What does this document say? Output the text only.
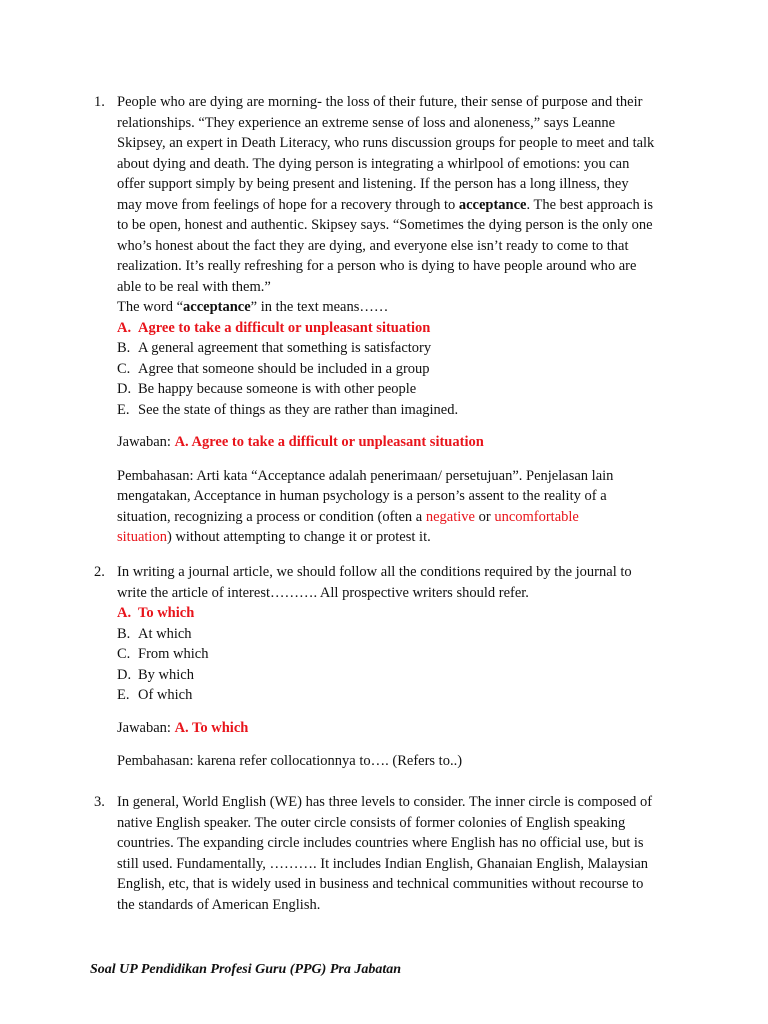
1. People who are dying are morning- the loss of their future, their sense of purpose and their

relationships. “They experience an extreme sense of loss and aloneness,” says Leanne

Skipsey, an expert in Death Literacy, who runs discussion groups for people to meet and talk

about dying and death. The dying person is integrating a whirlpool of emotions: you can

offer support simply by being present and listening. If the person has a long illness, they

may move from feelings of hope for a recovery through to acceptance. The best approach is

to be open, honest and authentic. Skipsey says. “Sometimes the dying person is the only one

who’s honest about the fact they are dying, and everyone else isn’t ready to come to that

realization. It’s really refreshing for a person who is dying to have people around who are

able to be real with them.”

The word “acceptance” in the text means……

A. Agree to take a difficult or unpleasant situation
B. A general agreement that something is satisfactory
C. Agree that someone should be included in a group
D. Be happy because someone is with other people
E. See the state of things as they are rather than imagined.

Jawaban: A. Agree to take a difficult or unpleasant situation

Pembahasan: Arti kata “Acceptance adalah penerimaan/ persetujuan”. Penjelasan lain

mengatakan, Acceptance in human psychology is a person’s assent to the reality of a

situation, recognizing a process or condition (often a negative or uncomfortable

situation) without attempting to change it or protest it.

2. In writing a journal article, we should follow all the conditions required by the journal to

write the article of interest………. All prospective writers should refer.

A. To which
B. At which
C. From which
D. By which
E. Of which

Jawaban: A. To which

Pembahasan: karena refer collocationnya to…. (Refers to..)

3. In general, World English (WE) has three levels to consider. The inner circle is composed of

native English speaker. The outer circle consists of former colonies of English speaking

countries. The expanding circle includes countries where English has no official use, but is

still used. Fundamentally, ………. It includes Indian English, Ghanaian English, Malaysian

English, etc, that is widely used in business and technical communities without recourse to

the standards of American English.

Soal UP Pendidikan Profesi Guru (PPG) Pra Jabatan
